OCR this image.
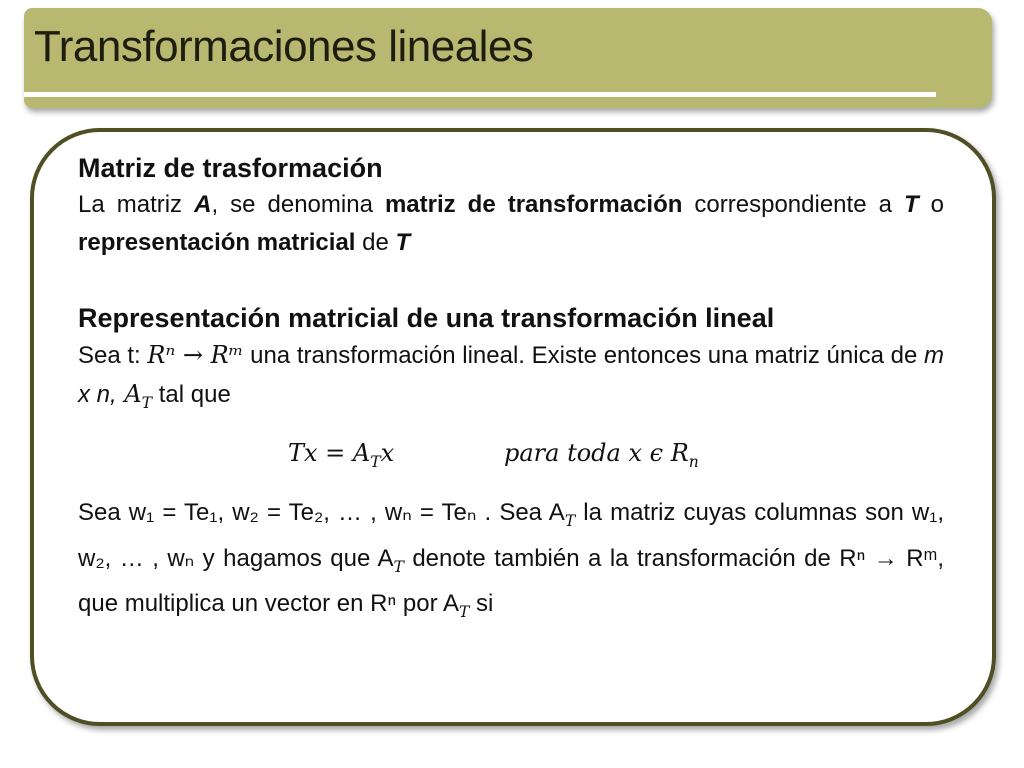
Transformaciones lineales
Matriz de trasformación
La matriz A, se denomina matriz de transformación correspondiente a T o representación matricial de T
Representación matricial de una transformación lineal
Sea t: Rⁿ → Rᵐ una transformación lineal. Existe entonces una matriz única de m x n, $A_T$ tal que
$Tx = A_Tx$	para toda x ϵ $R_n$
Sea w₁ = Te₁, w₂ = Te₂, … , wₙ = Teₙ . Sea $A_T$ la matriz cuyas columnas son w₁, w₂, … , wₙ y hagamos que $A_T$ denote también a la transformación de Rⁿ → Rᵐ, que multiplica un vector en Rⁿ por $A_T$ si
